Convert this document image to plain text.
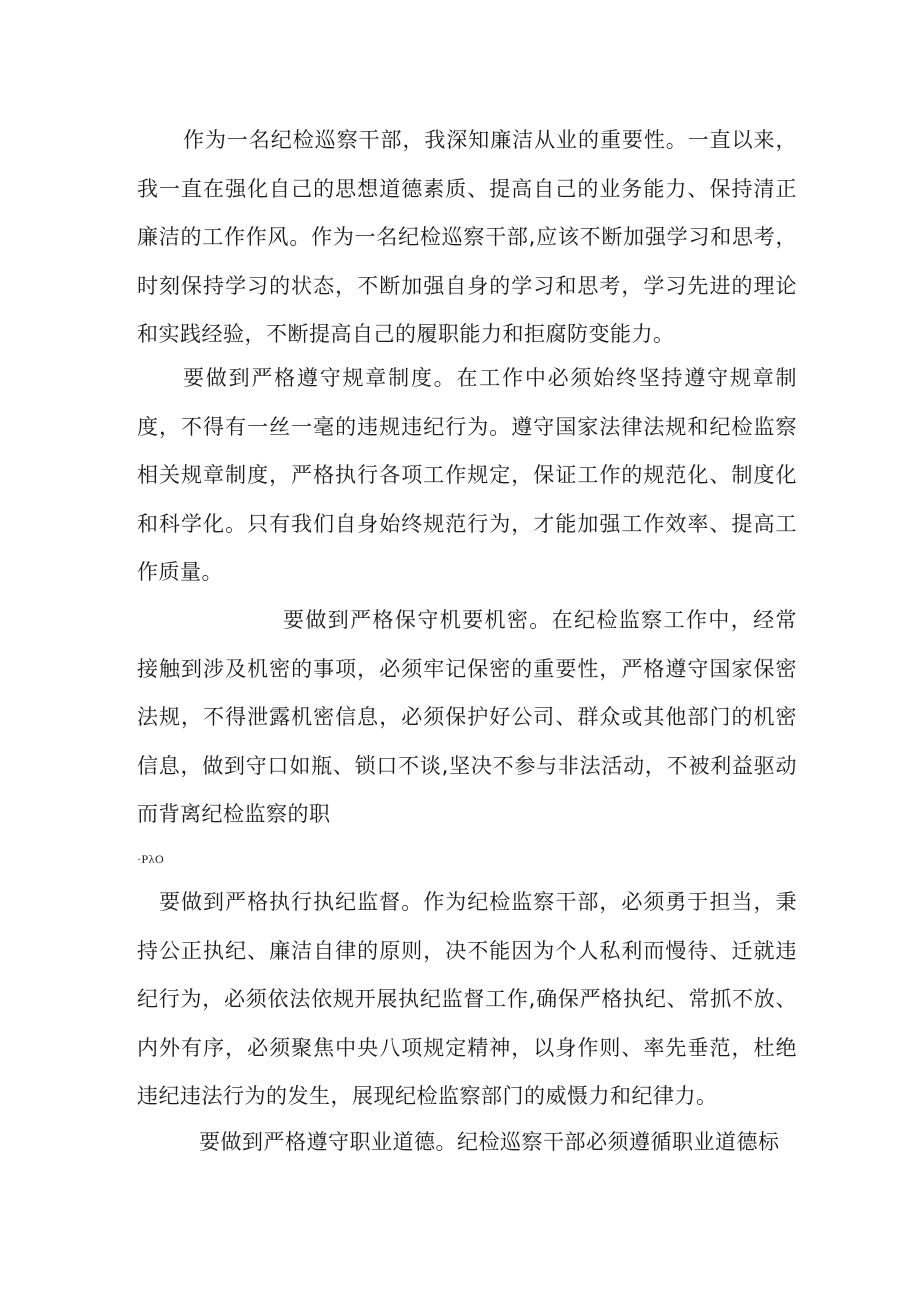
作为一名纪检巡察干部，我深知廉洁从业的重要性。一直以来，我一直在强化自己的思想道德素质、提高自己的业务能力、保持清正廉洁的工作作风。作为一名纪检巡察干部,应该不断加强学习和思考，时刻保持学习的状态，不断加强自身的学习和思考，学习先进的理论和实践经验，不断提高自己的履职能力和拒腐防变能力。

要做到严格遵守规章制度。在工作中必须始终坚持遵守规章制度，不得有一丝一毫的违规违纪行为。遵守国家法律法规和纪检监察相关规章制度，严格执行各项工作规定，保证工作的规范化、制度化和科学化。只有我们自身始终规范行为，才能加强工作效率、提高工作质量。

要做到严格保守机要机密。在纪检监察工作中，经常接触到涉及机密的事项，必须牢记保密的重要性，严格遵守国家保密法规，不得泄露机密信息，必须保护好公司、群众或其他部门的机密信息，做到守口如瓶、锁口不谈,坚决不参与非法活动，不被利益驱动而背离纪检监察的职

·PλO

要做到严格执行执纪监督。作为纪检监察干部，必须勇于担当，秉持公正执纪、廉洁自律的原则，决不能因为个人私利而慢待、迁就违纪行为，必须依法依规开展执纪监督工作,确保严格执纪、常抓不放、内外有序，必须聚焦中央八项规定精神，以身作则、率先垂范，杜绝违纪违法行为的发生，展现纪检监察部门的威慑力和纪律力。

要做到严格遵守职业道德。纪检巡察干部必须遵循职业道德标
